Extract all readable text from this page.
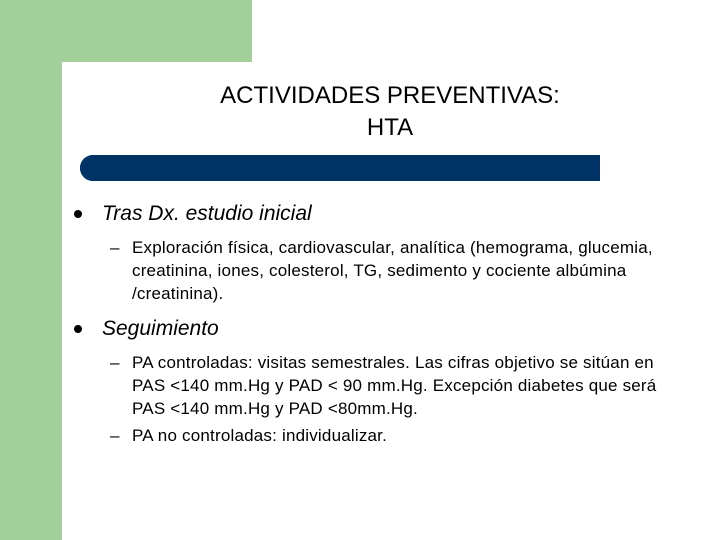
ACTIVIDADES PREVENTIVAS:
HTA
Tras Dx. estudio inicial
– Exploración física, cardiovascular, analítica (hemograma, glucemia, creatinina, iones, colesterol, TG, sedimento y cociente albúmina /creatinina).
Seguimiento
– PA controladas: visitas semestrales. Las cifras objetivo se sitúan en PAS <140 mm.Hg y PAD < 90 mm.Hg. Excepción diabetes que será PAS <140 mm.Hg y PAD <80mm.Hg.
– PA no controladas: individualizar.
